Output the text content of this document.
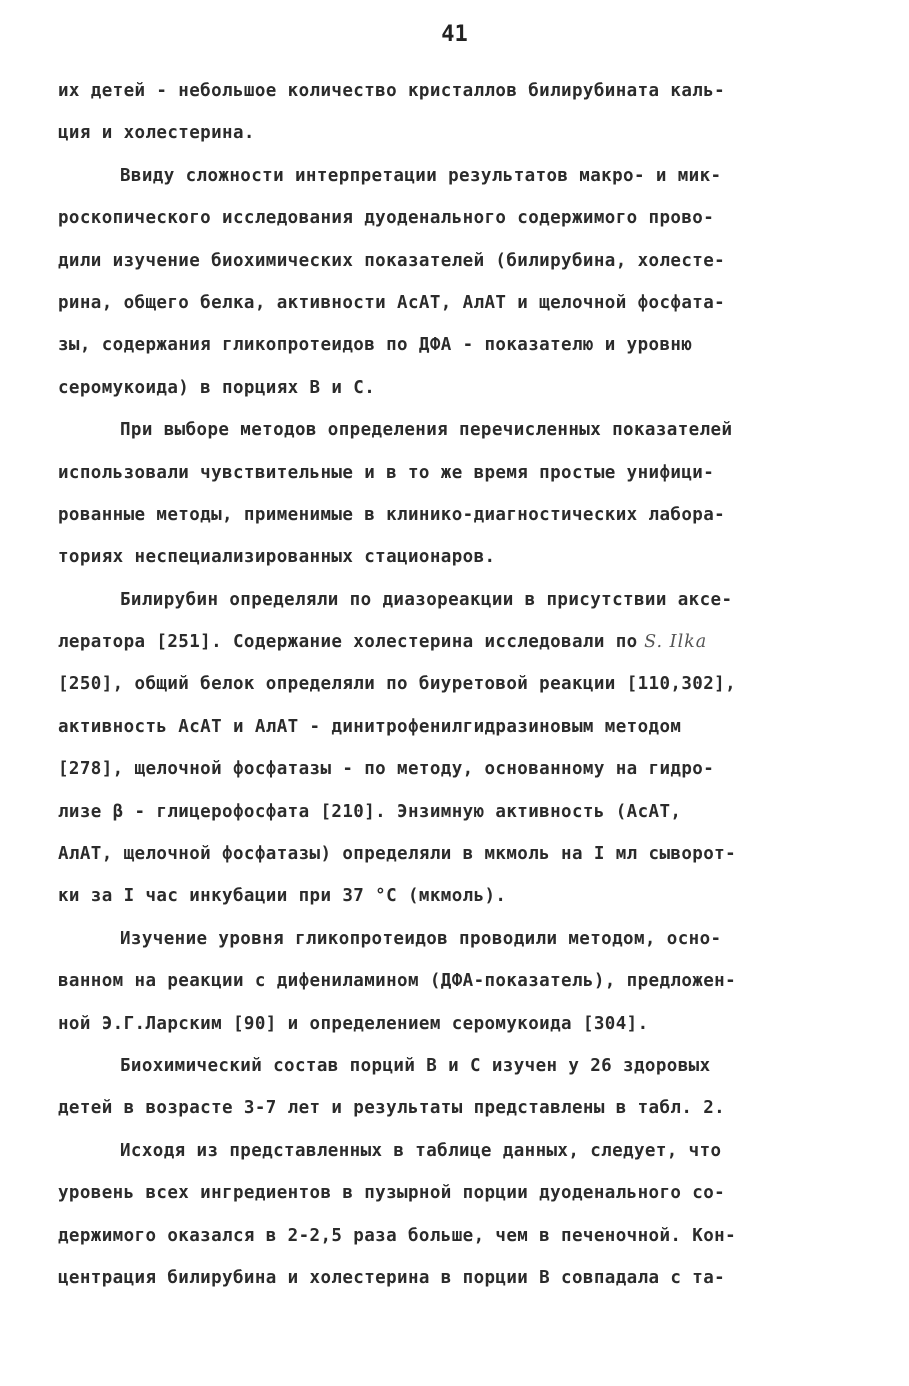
41
их детей - небольшое количество кристаллов билирубината каль-
ция и холестерина.
Ввиду сложности интерпретации результатов макро- и мик-
роскопического исследования дуоденального содержимого прово-
дили изучение биохимических показателей (билирубина, холесте-
рина, общего белка, активности АсАТ, АлАТ и щелочной фосфата-
зы, содержания гликопротеидов по ДФА - показателю и уровню
серомукоида) в порциях В и С.
При выборе методов определения перечисленных показателей
использовали чувствительные и в то же время простые унифици-
рованные методы, применимые в клинико-диагностических лабора-
ториях неспециализированных стационаров.
Билирубин определяли по диазореакции в присутствии аксе-
лератора [251]. Содержание холестерина исследовали по S. Ilka
[250], общий белок определяли по биуретовой реакции [110,302],
активность АсАТ и АлАТ - динитрофенилгидразиновым методом
[278], щелочной фосфатазы - по методу, основанному на гидро-
лизе β - глицерофосфата [210]. Энзимную активность (АсАТ,
АлАТ, щелочной фосфатазы) определяли в мкмоль на I мл сыворот-
ки за I час инкубации при 37 °С (мкмоль).
Изучение уровня гликопротеидов проводили методом, осно-
ванном на реакции с дифениламином (ДФА-показатель), предложен-
ной Э.Г.Ларским [90] и определением серомукоида [304].
Биохимический состав порций В и С изучен у 26 здоровых
детей в возрасте 3-7 лет и результаты представлены в табл. 2.
Исходя из представленных в таблице данных, следует, что
уровень всех ингредиентов в пузырной порции дуоденального со-
держимого оказался в 2-2,5 раза больше, чем в печеночной. Кон-
центрация билирубина и холестерина в порции В совпадала с та-
